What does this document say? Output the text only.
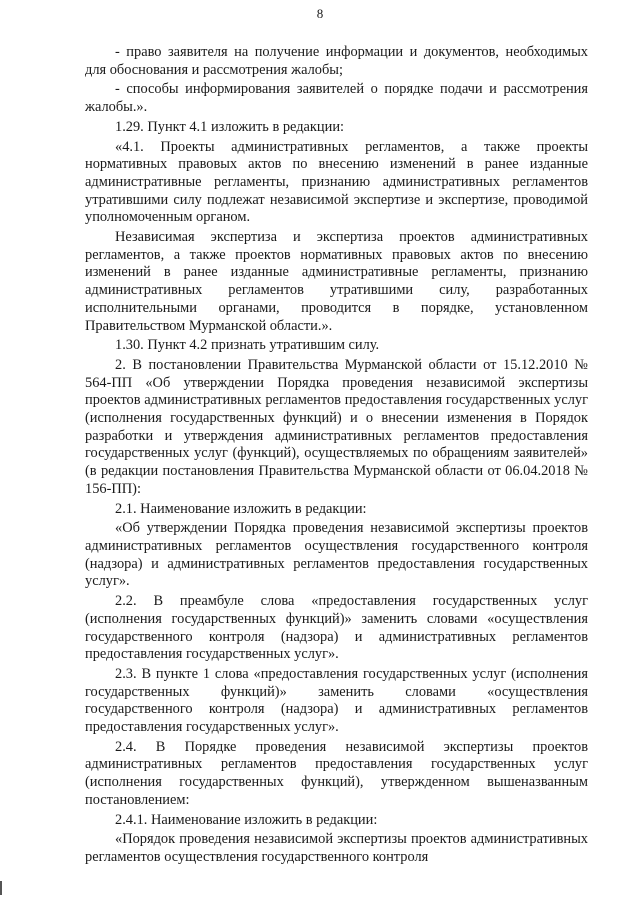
8

- право заявителя на получение информации и документов, необходимых для обоснования и рассмотрения жалобы;

- способы информирования заявителей о порядке подачи и рассмотрения жалобы.».

1.29. Пункт 4.1 изложить в редакции:

«4.1. Проекты административных регламентов, а также проекты нормативных правовых актов по внесению изменений в ранее изданные административные регламенты, признанию административных регламентов утратившими силу подлежат независимой экспертизе и экспертизе, проводимой уполномоченным органом.

Независимая экспертиза и экспертиза проектов административных регламентов, а также проектов нормативных правовых актов по внесению изменений в ранее изданные административные регламенты, признанию административных регламентов утратившими силу, разработанных исполнительными органами, проводится в порядке, установленном Правительством Мурманской области.».

1.30. Пункт 4.2 признать утратившим силу.

2. В постановлении Правительства Мурманской области от 15.12.2010 № 564-ПП «Об утверждении Порядка проведения независимой экспертизы проектов административных регламентов предоставления государственных услуг (исполнения государственных функций) и о внесении изменения в Порядок разработки и утверждения административных регламентов предоставления государственных услуг (функций), осуществляемых по обращениям заявителей» (в редакции постановления Правительства Мурманской области от 06.04.2018 № 156-ПП):

2.1. Наименование изложить в редакции:

«Об утверждении Порядка проведения независимой экспертизы проектов административных регламентов осуществления государственного контроля (надзора) и административных регламентов предоставления государственных услуг».

2.2. В преамбуле слова «предоставления государственных услуг (исполнения государственных функций)» заменить словами «осуществления государственного контроля (надзора) и административных регламентов предоставления государственных услуг».

2.3. В пункте 1 слова «предоставления государственных услуг (исполнения государственных функций)» заменить словами «осуществления государственного контроля (надзора) и административных регламентов предоставления государственных услуг».

2.4. В Порядке проведения независимой экспертизы проектов административных регламентов предоставления государственных услуг (исполнения государственных функций), утвержденном вышеназванным постановлением:

2.4.1. Наименование изложить в редакции:

«Порядок проведения независимой экспертизы проектов административных регламентов осуществления государственного контроля
